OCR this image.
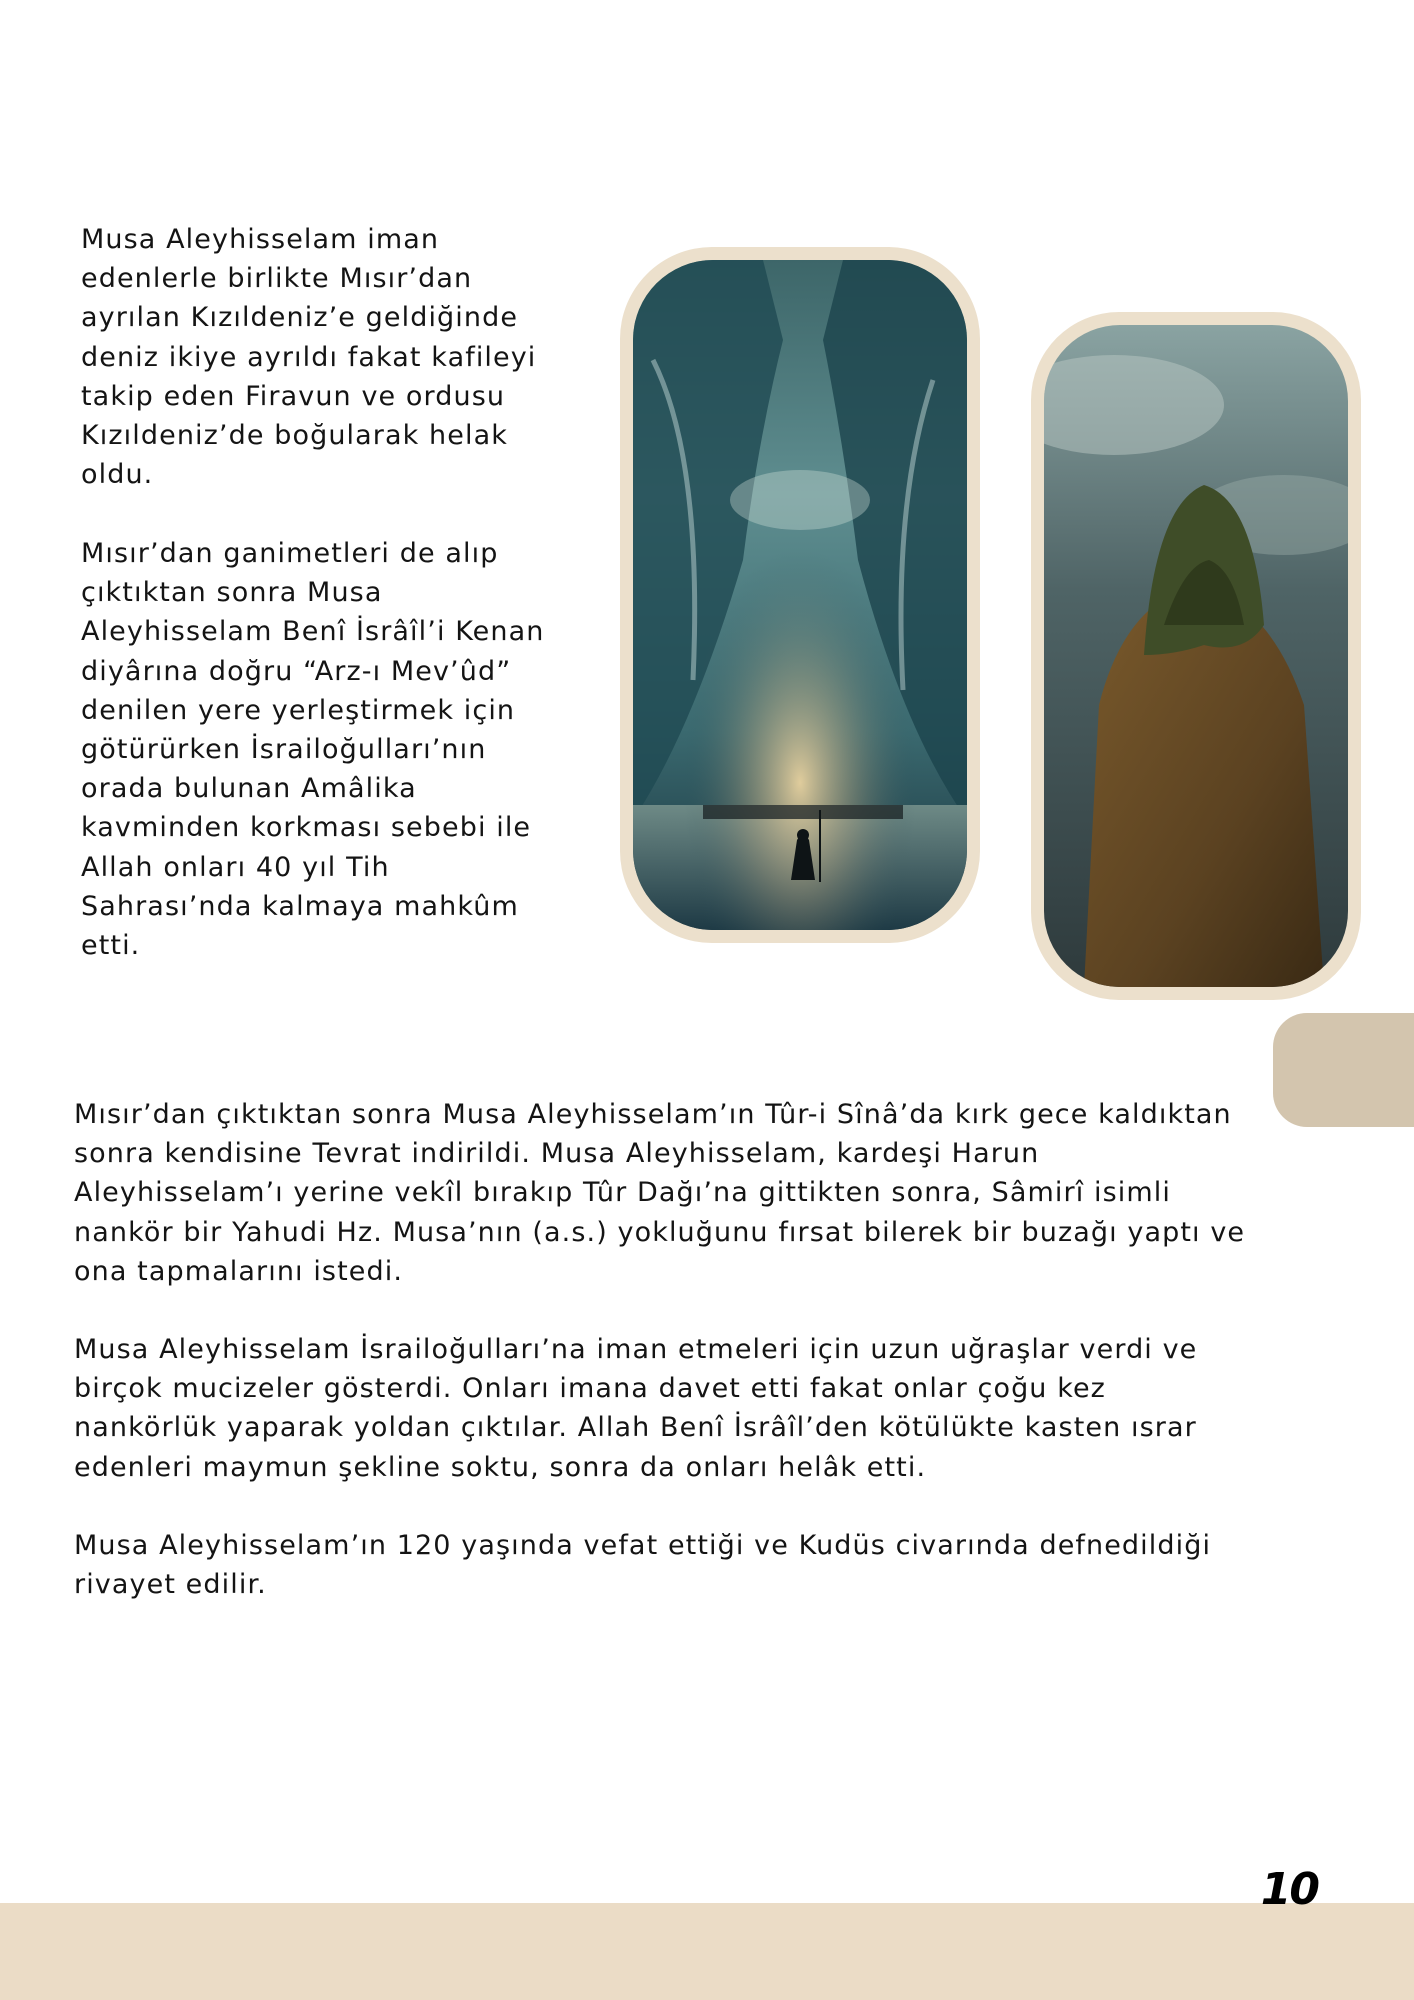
Musa Aleyhisselam iman
edenlerle birlikte Mısır’dan
ayrılan Kızıldeniz’e geldiğinde
deniz ikiye ayrıldı fakat kafileyi
takip eden Firavun ve ordusu
Kızıldeniz’de boğularak helak
oldu.

Mısır’dan ganimetleri de alıp
çıktıktan sonra Musa
Aleyhisselam Benî İsrâîl’i Kenan
diyârına doğru “Arz-ı Mev’ûd”
denilen yere yerleştirmek için
götürürken İsrailoğulları’nın
orada bulunan Amâlika
kavminden korkması sebebi ile
Allah onları 40 yıl Tih
Sahrası’nda kalmaya mahkûm
etti.

Mısır’dan çıktıktan sonra Musa Aleyhisselam’ın Tûr-i Sînâ’da kırk gece kaldıktan
sonra kendisine Tevrat indirildi. Musa Aleyhisselam, kardeşi Harun
Aleyhisselam’ı yerine vekîl bırakıp Tûr Dağı’na gittikten sonra, Sâmirî isimli
nankör bir Yahudi Hz. Musa’nın (a.s.) yokluğunu fırsat bilerek bir buzağı yaptı ve
ona tapmalarını istedi.

Musa Aleyhisselam İsrailoğulları’na iman etmeleri için uzun uğraşlar verdi ve
birçok mucizeler gösterdi. Onları imana davet etti fakat onlar çoğu kez
nankörlük yaparak yoldan çıktılar. Allah Benî İsrâîl’den kötülükte kasten ısrar
edenleri maymun şekline soktu, sonra da onları helâk etti.

Musa Aleyhisselam’ın 120 yaşında vefat ettiği ve Kudüs civarında defnedildiği
rivayet edilir.

10
